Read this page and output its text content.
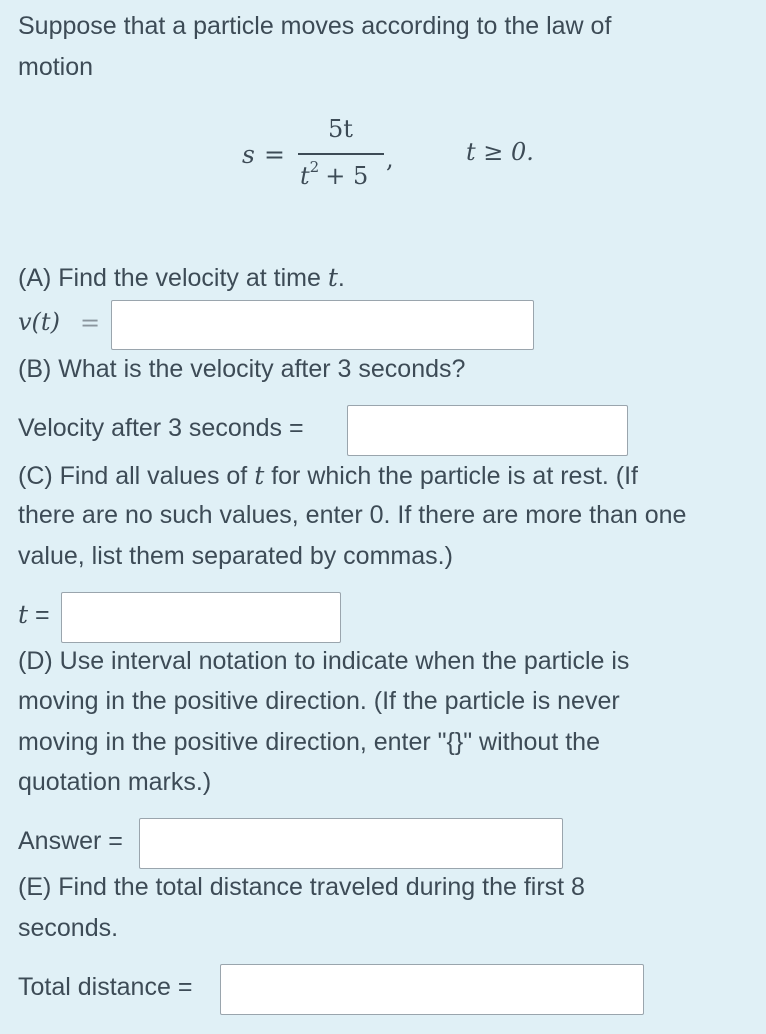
Suppose that a particle moves according to the law of
motion
s =
5t
$t^2 + 5$
,	t ≥ 0.
(A) Find the velocity at time t.
v(t) =
(B) What is the velocity after 3 seconds?
Velocity after 3 seconds =
(C) Find all values of t for which the particle is at rest. (If
there are no such values, enter 0. If there are more than one
value, list them separated by commas.)
t =
(D) Use interval notation to indicate when the particle is
moving in the positive direction. (If the particle is never
moving in the positive direction, enter "{}" without the
quotation marks.)
Answer =
(E) Find the total distance traveled during the first 8
seconds.
Total distance =
